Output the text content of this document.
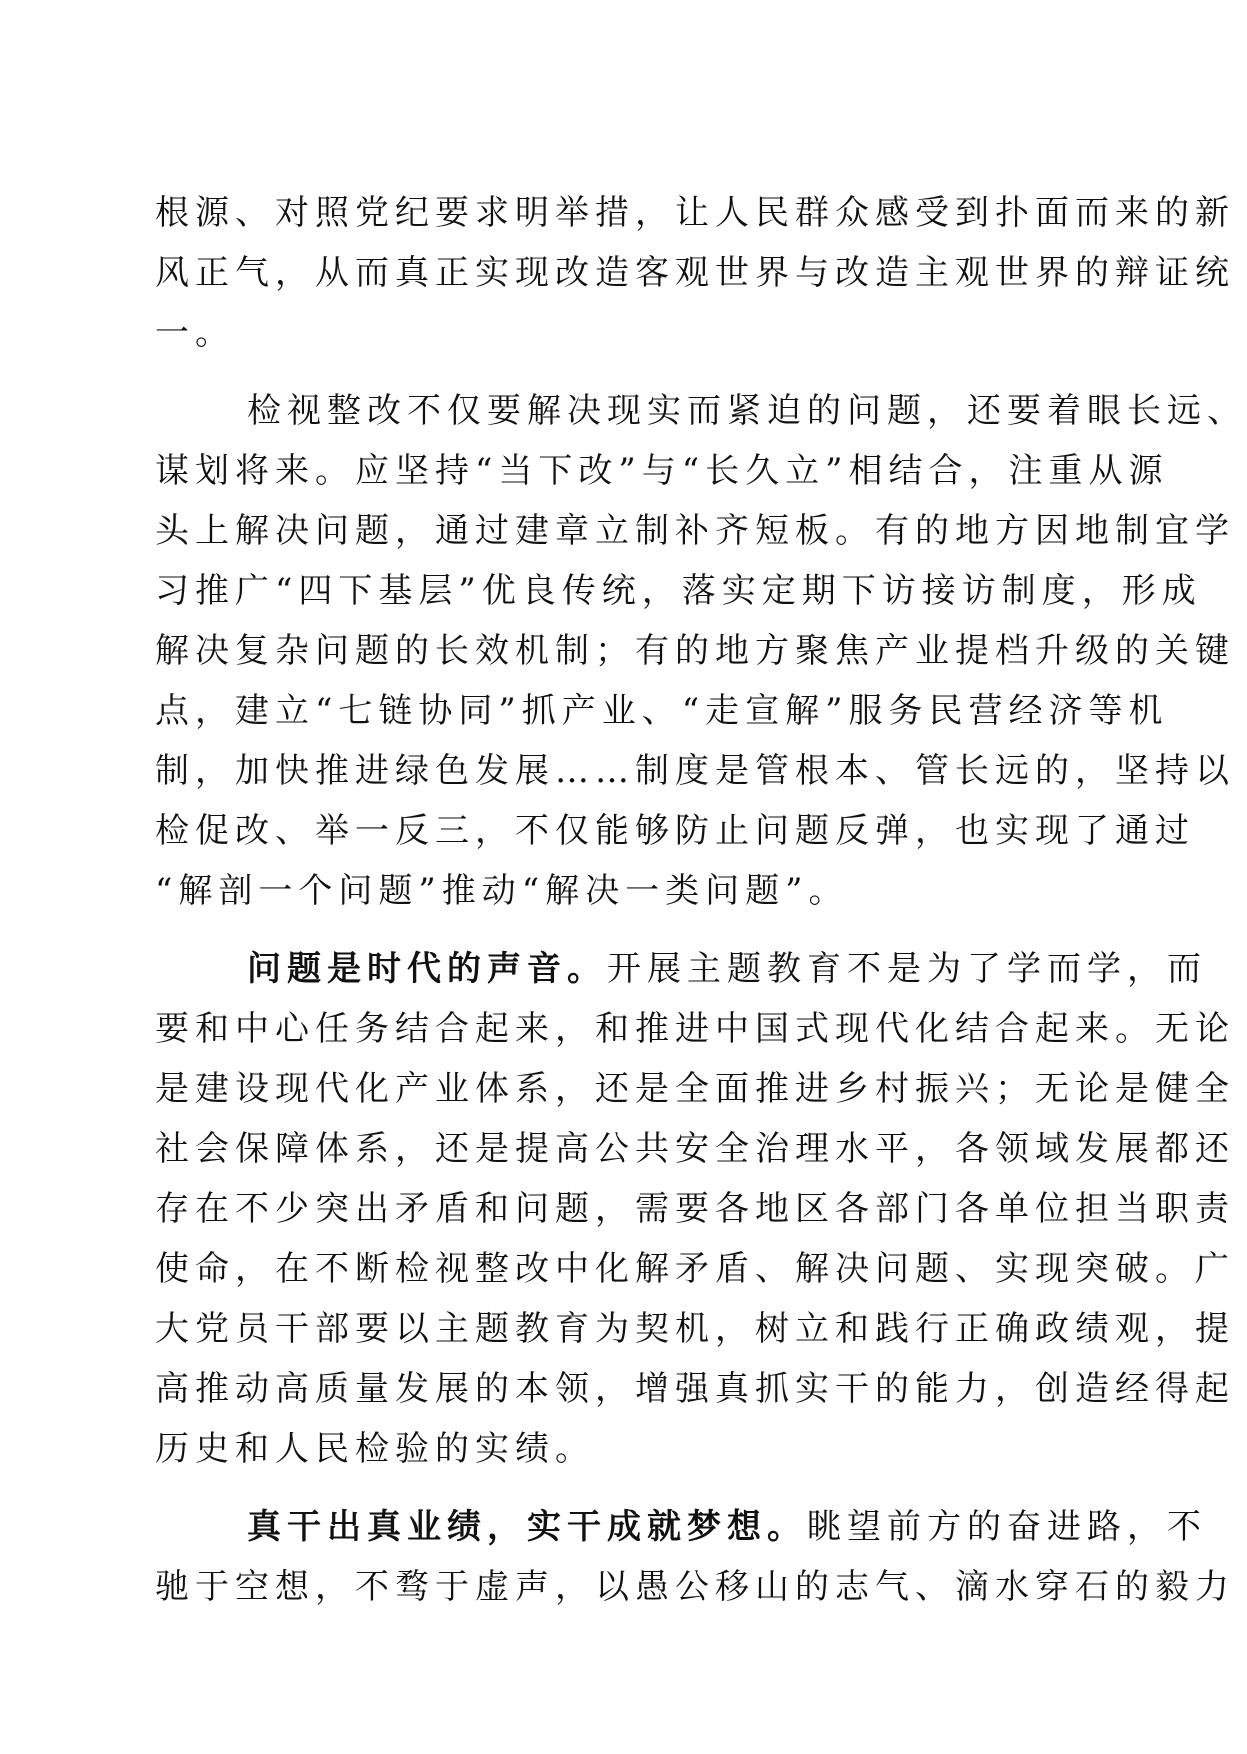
根源、对照党纪要求明举措，让人民群众感受到扑面而来的新
风正气，从而真正实现改造客观世界与改造主观世界的辩证统
一。
检视整改不仅要解决现实而紧迫的问题，还要着眼长远、
谋划将来。应坚持“当下改”与“长久立”相结合，注重从源
头上解决问题，通过建章立制补齐短板。有的地方因地制宜学
习推广“四下基层”优良传统，落实定期下访接访制度，形成
解决复杂问题的长效机制；有的地方聚焦产业提档升级的关键
点，建立“七链协同”抓产业、“走宣解”服务民营经济等机
制，加快推进绿色发展……制度是管根本、管长远的，坚持以
检促改、举一反三，不仅能够防止问题反弹，也实现了通过
“解剖一个问题”推动“解决一类问题”。
问题是时代的声音。开展主题教育不是为了学而学，而
要和中心任务结合起来，和推进中国式现代化结合起来。无论
是建设现代化产业体系，还是全面推进乡村振兴；无论是健全
社会保障体系，还是提高公共安全治理水平，各领域发展都还
存在不少突出矛盾和问题，需要各地区各部门各单位担当职责
使命，在不断检视整改中化解矛盾、解决问题、实现突破。广
大党员干部要以主题教育为契机，树立和践行正确政绩观，提
高推动高质量发展的本领，增强真抓实干的能力，创造经得起
历史和人民检验的实绩。
真干出真业绩，实干成就梦想。眺望前方的奋进路，不
驰于空想，不骛于虚声，以愚公移山的志气、滴水穿石的毅力
